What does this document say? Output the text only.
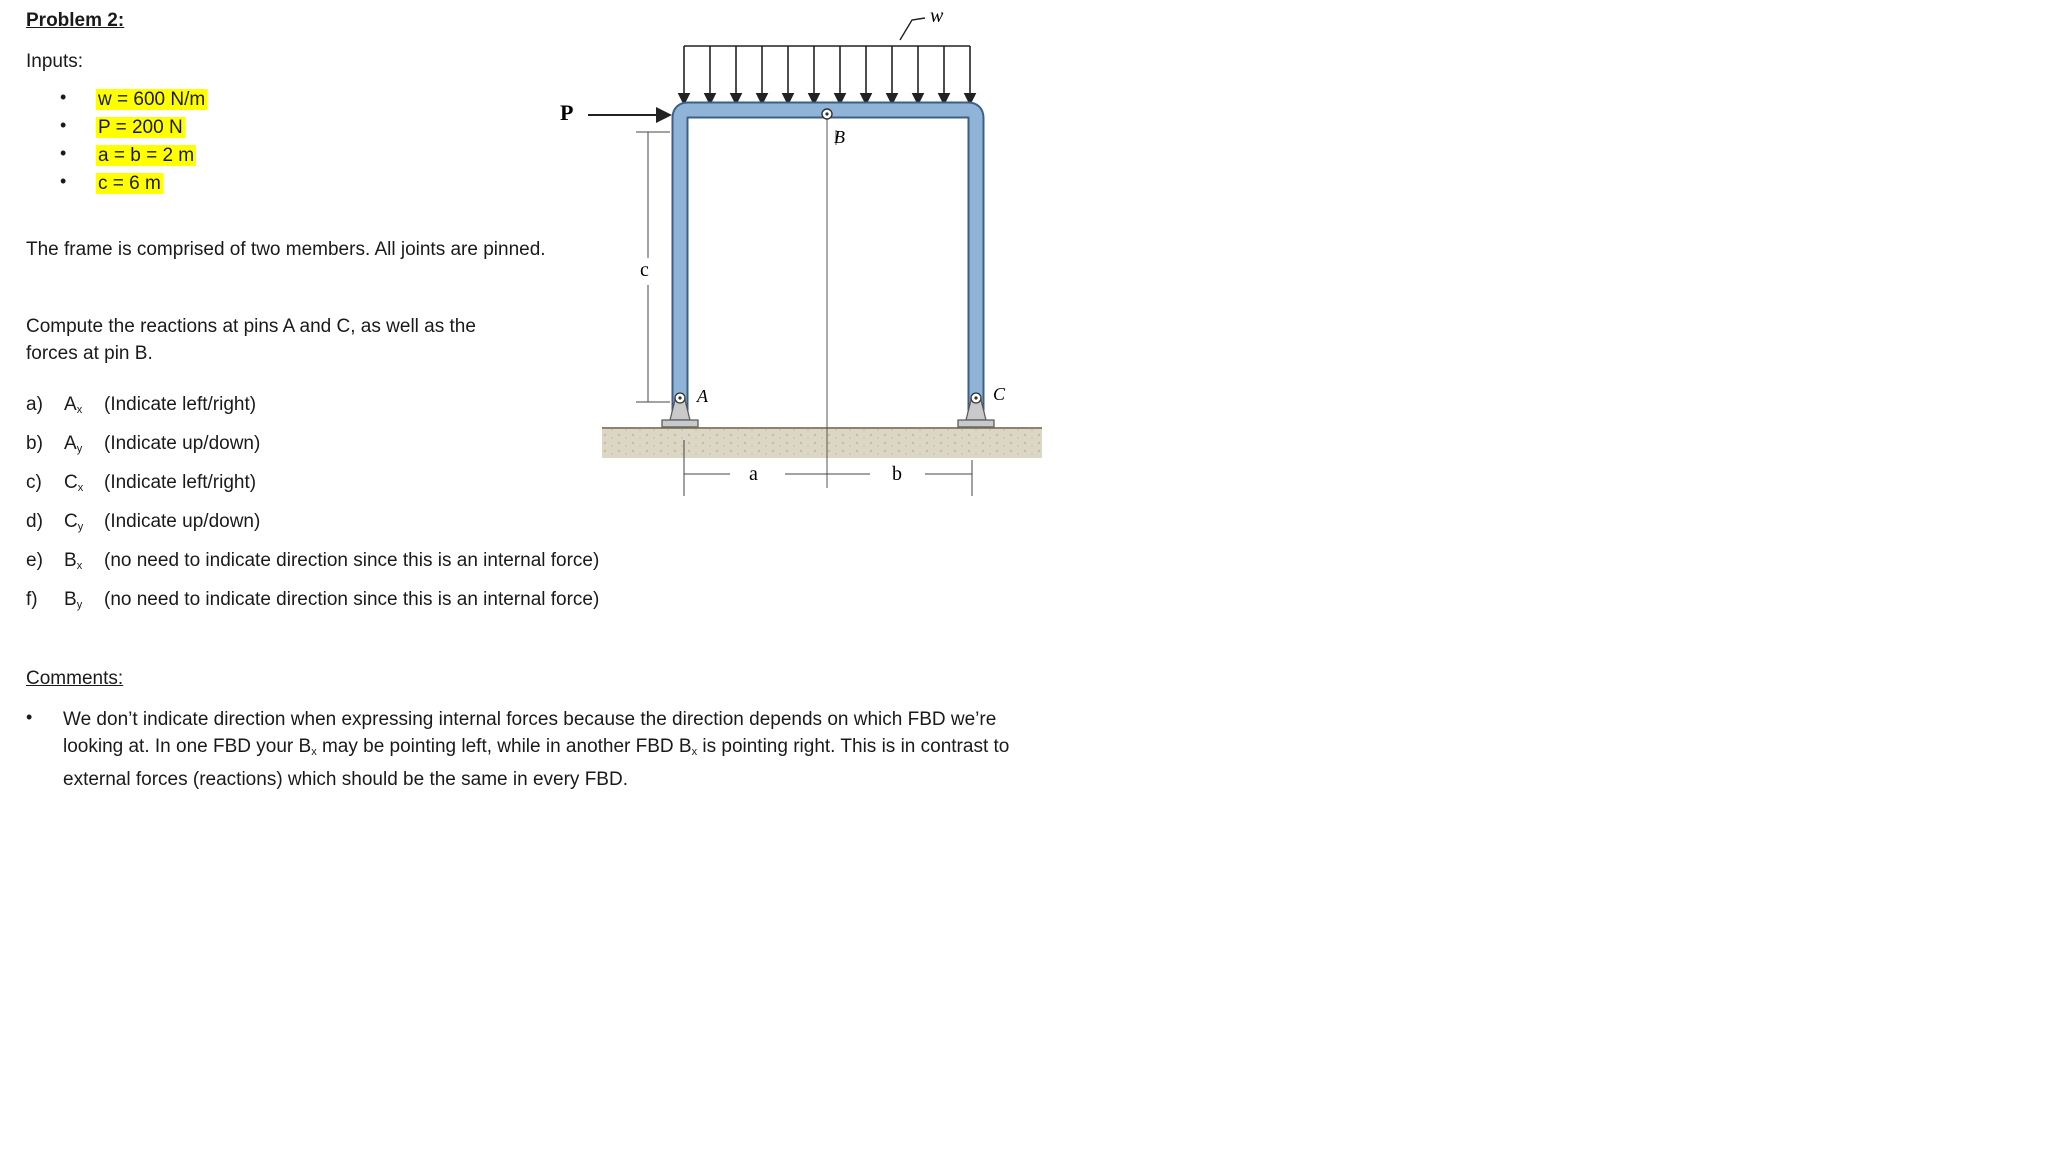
Problem 2:
Inputs:
• w = 600 N/m
• P = 200 N
• a = b = 2 m
• c = 6 m
The frame is comprised of two members. All joints are pinned.
Compute the reactions at pins A and C, as well as the forces at pin B.
a) $A_x$ (Indicate left/right)
b) $A_y$ (Indicate up/down)
c) $C_x$ (Indicate left/right)
d) $C_y$ (Indicate up/down)
e) $B_x$ (no need to indicate direction since this is an internal force)
f) $B_y$ (no need to indicate direction since this is an internal force)
Comments:
• We don’t indicate direction when expressing internal forces because the direction depends on which FBD we’re looking at. In one FBD your $B_x$ may be pointing left, while in another FBD $B_x$ is pointing right. This is in contrast to external forces (reactions) which should be the same in every FBD.
w
P
B
A	C
c
a	b
